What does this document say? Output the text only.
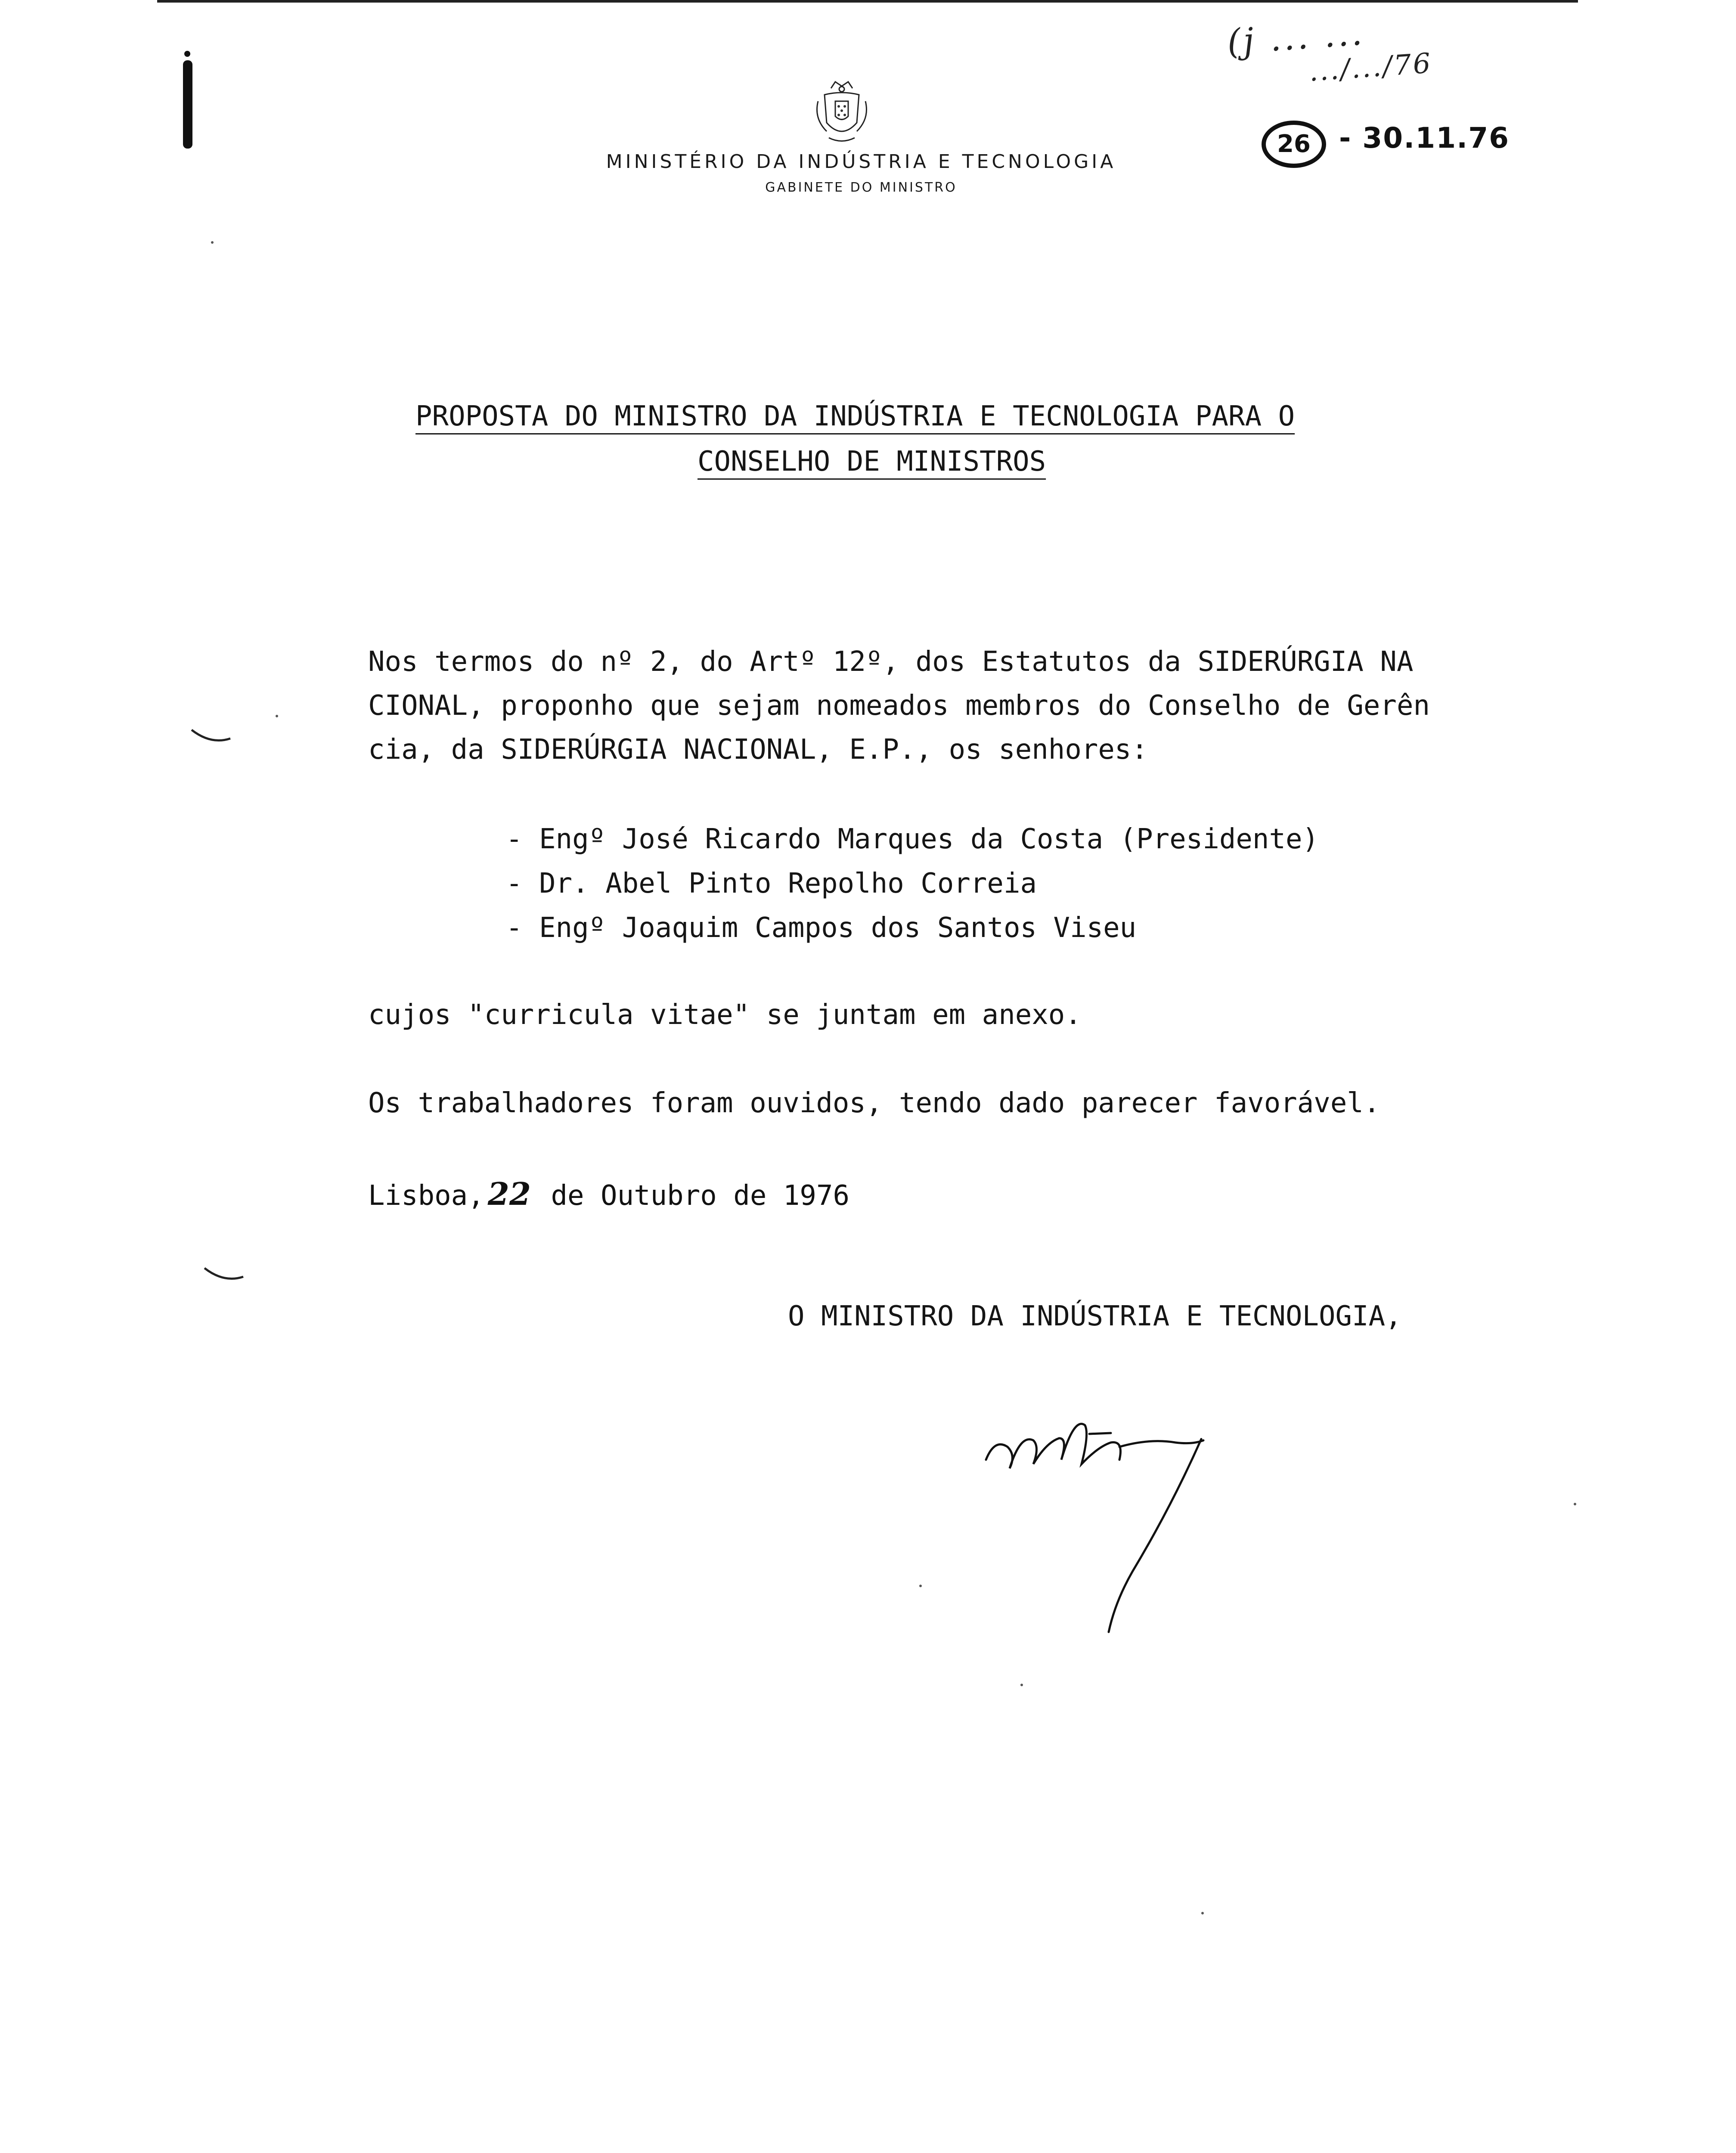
MINISTÉRIO DA INDÚSTRIA E TECNOLOGIA
GABINETE DO MINISTRO
(j ... ...
.../.../76
26	- 30.11.76
PROPOSTA DO MINISTRO DA INDÚSTRIA E TECNOLOGIA PARA O
CONSELHO DE MINISTROS
Nos termos do nº 2, do Artº 12º, dos Estatutos da SIDERÚRGIA NA
CIONAL, proponho que sejam nomeados membros do Conselho de Gerên
cia, da SIDERÚRGIA NACIONAL, E.P., os senhores:
- Engº José Ricardo Marques da Costa (Presidente)
- Dr. Abel Pinto Repolho Correia
- Engº Joaquim Campos dos Santos Viseu
cujos "curricula vitae" se juntam em anexo.
Os trabalhadores foram ouvidos, tendo dado parecer favorável.
Lisboa, 22 de Outubro de 1976
O MINISTRO DA INDÚSTRIA E TECNOLOGIA,
